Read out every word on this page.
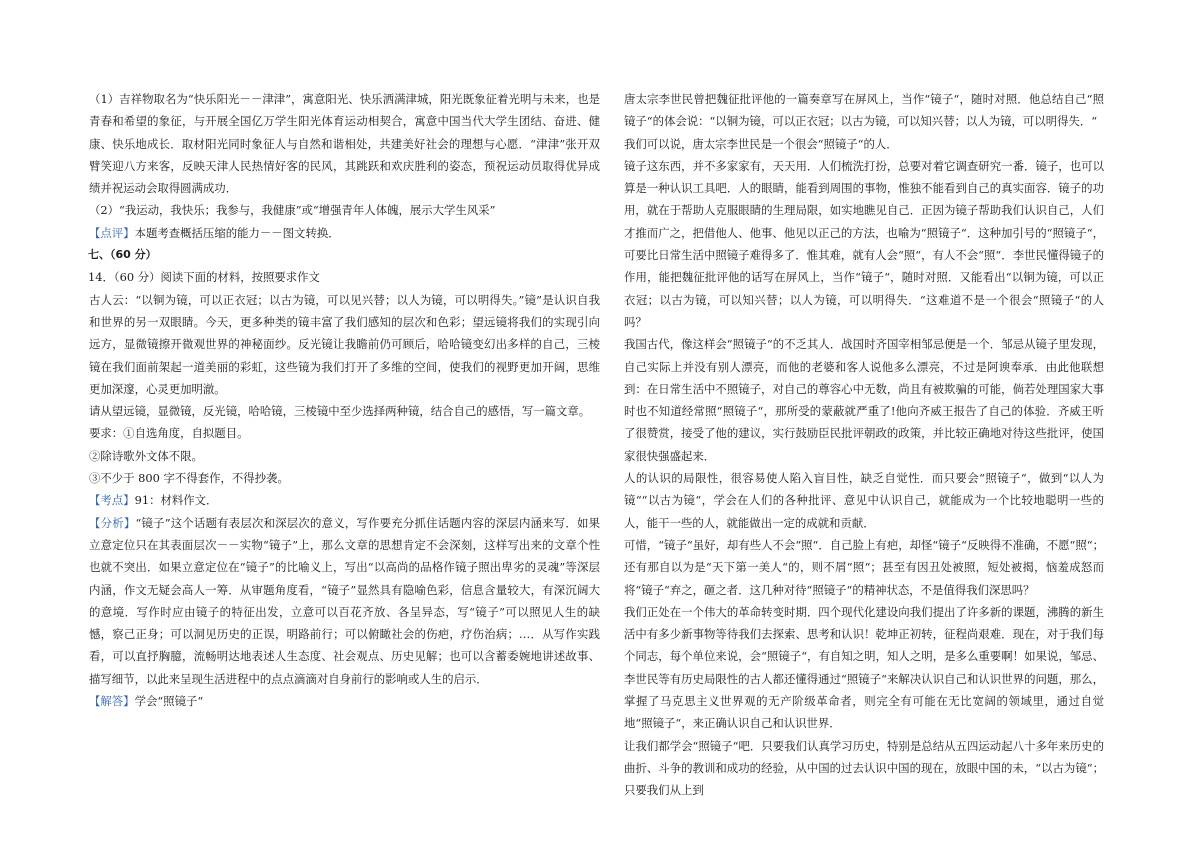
（1）吉祥物取名为“快乐阳光－－津津”，寓意阳光、快乐洒满津城，阳光既象征着光明与未来，也是青春和希望的象征，与开展全国亿万学生阳光体育运动相契合，寓意中国当代大学生团结、奋进、健康、快乐地成长．取材阳光同时象征人与自然和谐相处，共建美好社会的理想与心愿．“津津”张开双臂笑迎八方来客，反映天津人民热情好客的民风，其跳跃和欢庆胜利的姿态，预祝运动员取得优异成绩并祝运动会取得圆满成功．

（2）“我运动，我快乐；我参与，我健康”或“增强青年人体魄，展示大学生风采”

【点评】本题考查概括压缩的能力－－图文转换．

七、（60 分）

14．（60 分）阅读下面的材料，按照要求作文

古人云：“以铜为镜，可以正衣冠；以古为镜，可以见兴替；以人为镜，可以明得失。”镜”是认识自我和世界的另一双眼睛。今天，更多种类的镜丰富了我们感知的层次和色彩；望远镜将我们的实现引向远方，显微镜擦开微观世界的神秘面纱。反光镜让我瞻前仍可顾后，哈哈镜变幻出多样的自己，三棱镜在我们面前架起一道美丽的彩虹，这些镜为我们打开了多维的空间，使我们的视野更加开阔，思维更加深邃，心灵更加明澈。

请从望远镜，显微镜，反光镜，哈哈镜，三棱镜中至少选择两种镜，结合自己的感悟，写一篇文章。

要求：①自选角度，自拟题目。

②除诗歌外文体不限。

③不少于 800 字不得套作，不得抄袭。

【考点】91：材料作文．

【分析】“镜子”这个话题有表层次和深层次的意义，写作要充分抓住话题内容的深层内涵来写．如果立意定位只在其表面层次－－实物“镜子”上，那么文章的思想肯定不会深刻，这样写出来的文章个性也就不突出．如果立意定位在“镜子”的比喻义上，写出“以高尚的品格作镜子照出卑劣的灵魂”等深层内涵，作文无疑会高人一筹．从审题角度看，“镜子”显然具有隐喻色彩，信息含量较大，有深沉阔大的意境．写作时应由镜子的特征出发，立意可以百花齐放、各呈异态，写“镜子”可以照见人生的缺憾，察己正身；可以洞见历史的正误，明路前行；可以俯瞰社会的伤疤，疗伤治病；…．从写作实践看，可以直抒胸臆，流畅明达地表述人生态度、社会观点、历史见解；也可以含蓄委婉地讲述故事、描写细节，以此来呈现生活进程中的点点滴滴对自身前行的影响或人生的启示．

【解答】学会“照镜子“

唐太宗李世民曾把魏征批评他的一篇奏章写在屏风上，当作“镜子“，随时对照．他总结自己“照镜子“的体会说：“以铜为镜，可以正衣冠；以古为镜，可以知兴替；以人为镜，可以明得失．“

我们可以说，唐太宗李世民是一个很会“照镜子“的人．

镜子这东西，并不多家家有，天天用．人们梳洗打扮，总要对着它调查研究一番．镜子，也可以算是一种认识工具吧．人的眼睛，能看到周围的事物，惟独不能看到自己的真实面容．镜子的功用，就在于帮助人克服眼睛的生理局限，如实地瞧见自己．正因为镜子帮助我们认识自己，人们才推而广之，把借他人、他事、他见以正己的方法，也喻为“照镜子“．这种加引号的“照镜子“，可要比日常生活中照镜子难得多了．惟其难，就有人会“照“，有人不会“照“．李世民懂得镜子的作用，能把魏征批评他的话写在屏风上，当作“镜子“，随时对照．又能看出“以铜为镜，可以正衣冠；以古为镜，可以知兴替；以人为镜，可以明得失．“这难道不是一个很会“照镜子“的人吗？

我国古代，像这样会“照镜子“的不乏其人．战国时齐国宰相邹忌便是一个．邹忌从镜子里发现，自己实际上并没有别人漂亮，而他的老婆和客人说他多么漂亮，不过是阿谀奉承．由此他联想到：在日常生活中不照镜子，对自己的尊容心中无数，尚且有被欺骗的可能，倘若处理国家大事时也不知道经常照“照镜子“，那所受的蒙蔽就严重了!他向齐威王报告了自己的体验．齐威王听了很赞赏，接受了他的建议，实行鼓励臣民批评朝政的政策，并比较正确地对待这些批评，使国家很快强盛起来．

人的认识的局限性，很容易使人陷入盲目性，缺乏自觉性．而只要会“照镜子“，做到“以人为镜““以古为镜“，学会在人们的各种批评、意见中认识自己，就能成为一个比较地聪明一些的人，能干一些的人，就能做出一定的成就和贡献．

可惜，“镜子“虽好，却有些人不会“照“．自己脸上有疤，却怪“镜子“反映得不准确，不愿“照“；还有那自以为是“天下第一美人“的，则不屑“照“；甚至有因丑处被照，短处被揭，恼羞成怒而将“镜子“弃之，砸之者．这几种对待“照镜子“的精神状态，不是值得我们深思吗？

我们正处在一个伟大的革命转变时期．四个现代化建设向我们提出了许多新的课题，沸腾的新生活中有多少新事物等待我们去探索、思考和认识！乾坤正初转，征程尚艰难．现在，对于我们每个同志，每个单位来说，会“照镜子“，有自知之明，知人之明，是多么重要啊！如果说，邹忌、李世民等有历史局限性的古人都还懂得通过“照镜子“来解决认识自己和认识世界的问题，那么，掌握了马克思主义世界观的无产阶级革命者，则完全有可能在无比宽阔的领域里，通过自觉地“照镜子“，来正确认识自己和认识世界．

让我们都学会“照镜子“吧．只要我们认真学习历史，特别是总结从五四运动起八十多年来历史的曲折、斗争的教训和成功的经验，从中国的过去认识中国的现在，放眼中国的未，“以古为镜“；只要我们从上到
